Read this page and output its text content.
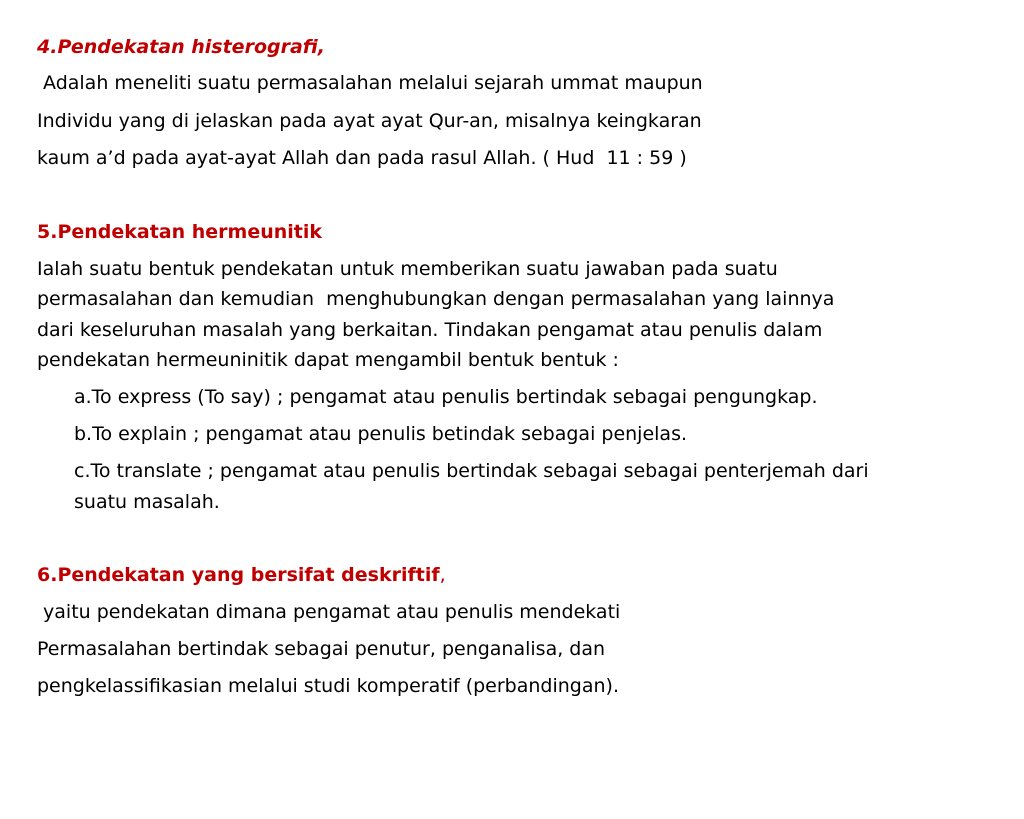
4.Pendekatan histerografi,
Adalah meneliti suatu permasalahan melalui sejarah ummat maupun
Individu yang di jelaskan pada ayat ayat Qur-an, misalnya keingkaran
kaum a’d pada ayat-ayat Allah dan pada rasul Allah. ( Hud  11 : 59 )
5.Pendekatan hermeunitik
Ialah suatu bentuk pendekatan untuk memberikan suatu jawaban pada suatu
permasalahan dan kemudian  menghubungkan dengan permasalahan yang lainnya
dari keseluruhan masalah yang berkaitan. Tindakan pengamat atau penulis dalam
pendekatan hermeuninitik dapat mengambil bentuk bentuk :
a.To express (To say) ; pengamat atau penulis bertindak sebagai pengungkap.
b.To explain ; pengamat atau penulis betindak sebagai penjelas.
c.To translate ; pengamat atau penulis bertindak sebagai sebagai penterjemah dari
suatu masalah.
6.Pendekatan yang bersifat deskriftif,
yaitu pendekatan dimana pengamat atau penulis mendekati
Permasalahan bertindak sebagai penutur, penganalisa, dan
pengkelassifikasian melalui studi komperatif (perbandingan).
